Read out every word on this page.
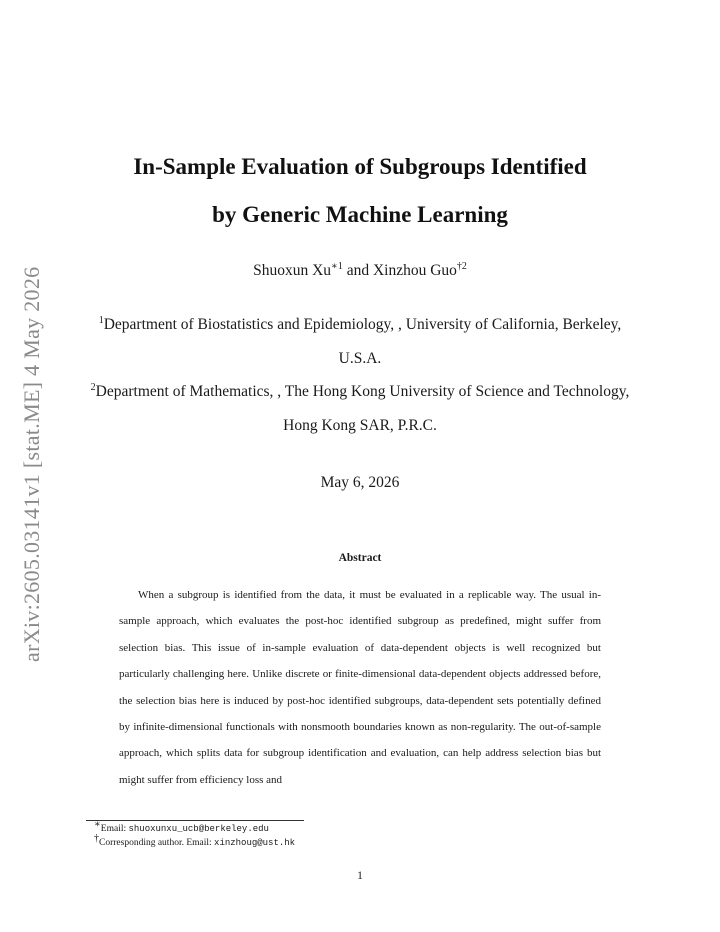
arXiv:2605.03141v1 [stat.ME] 4 May 2026
In-Sample Evaluation of Subgroups Identified
by Generic Machine Learning
Shuoxun $Xu^{∗1}$ and Xinzhou Guo$^{\dagger 2}$
$^1$Department of Biostatistics and Epidemiology, , University of California, Berkeley, U.S.A.
$^2$Department of Mathematics, , The Hong Kong University of Science and Technology, Hong Kong SAR, P.R.C.
May 6, 2026
Abstract

When a subgroup is identified from the data, it must be evaluated in a replicable way. The usual in-sample approach, which evaluates the post-hoc identified subgroup as predefined, might suffer from selection bias. This issue of in-sample evaluation of data-dependent objects is well recognized but particularly challenging here. Unlike discrete or finite-dimensional data-dependent objects addressed before, the selection bias here is induced by post-hoc identified subgroups, data-dependent sets potentially defined by infinite-dimensional functionals with nonsmooth boundaries known as non-regularity. The out-of-sample approach, which splits data for subgroup identification and evaluation, can help address selection bias but might suffer from efficiency loss and

∗Email: shuoxunxu_ucb@berkeley.edu
†Corresponding author. Email: xinzhoug@ust.hk
1
